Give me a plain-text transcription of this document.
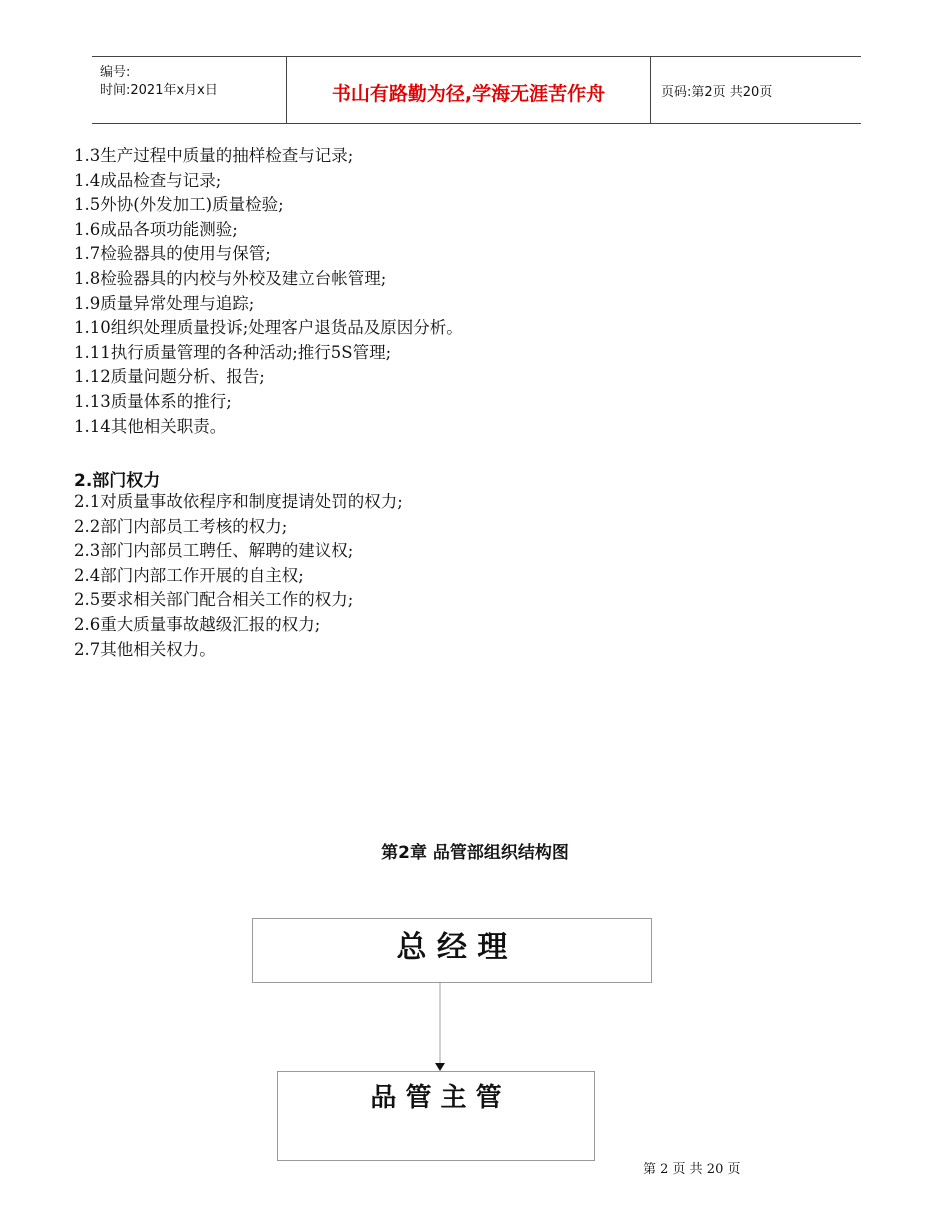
编号:
时间:2021年x月x日	书山有路勤为径,学海无涯苦作舟	页码:第2页 共20页
1.3生产过程中质量的抽样检查与记录;
1.4成品检查与记录;
1.5外协(外发加工)质量检验;
1.6成品各项功能测验;
1.7检验器具的使用与保管;
1.8检验器具的内校与外校及建立台帐管理;
1.9质量异常处理与追踪;
1.10组织处理质量投诉;处理客户退货品及原因分析。
1.11执行质量管理的各种活动;推行5S管理;
1.12质量问题分析、报告;
1.13质量体系的推行;
1.14其他相关职责。
2.部门权力
2.1对质量事故依程序和制度提请处罚的权力;
2.2部门内部员工考核的权力;
2.3部门内部员工聘任、解聘的建议权;
2.4部门内部工作开展的自主权;
2.5要求相关部门配合相关工作的权力;
2.6重大质量事故越级汇报的权力;
2.7其他相关权力。
第2章 品管部组织结构图
总 经 理
品 管 主 管
第 2 页 共 20 页
